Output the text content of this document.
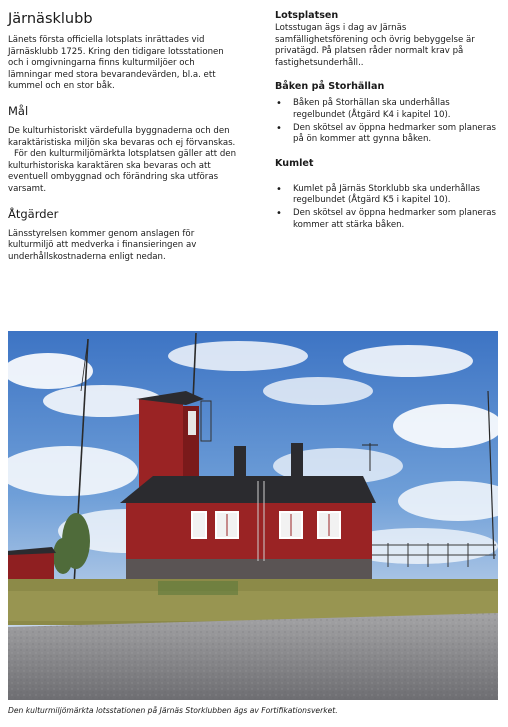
Järnäsklubb

Länets första officiella lotsplats inrättades vid Järnäsklubb 1725. Kring den tidigare lotsstationen och i omgivningarna finns kulturmiljöer och lämningar med stora bevarandevärden, bl.a. ett kummel och en stor båk.

Mål

De kulturhistoriskt värdefulla byggnaderna och den karaktäristiska miljön ska bevaras och ej förvanskas.

För den kulturmiljömärkta lotsplatsen gäller att den kulturhistoriska karaktären ska bevaras och att eventuell ombyggnad och förändring ska utföras varsamt.

Åtgärder

Länsstyrelsen kommer genom anslagen för kulturmiljö att medverka i finansieringen av underhållskostnaderna enligt nedan.

Lotsplatsen

Lotsstugan ägs i dag av Järnäs samfällighetsförening och övrig bebyggelse är privatägd. På platsen råder normalt krav på fastighetsunderhåll..

Båken på Storhällan
• Båken på Storhällan ska underhållas regelbundet (Åtgärd K4 i kapitel 10).
• Den skötsel av öppna hedmarker som planeras på ön kommer att gynna båken.
Kumlet
• Kumlet på Järnäs Storklubb ska underhållas regelbundet (Åtgärd K5 i kapitel 10).
• Den skötsel av öppna hedmarker som planeras kommer att stärka båken.

Den kulturmiljömärkta lotsstationen på Järnäs Storklubben ägs av Fortifikationsverket.
